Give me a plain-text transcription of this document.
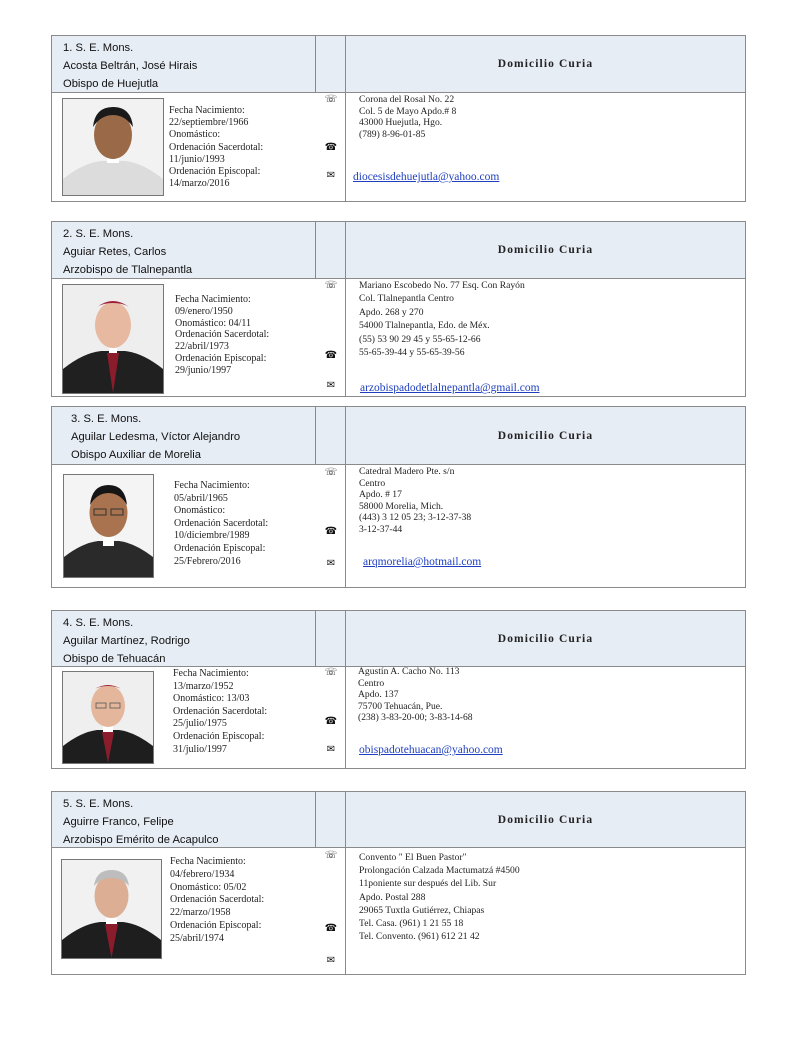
1. S. E. Mons.
Acosta Beltrán, José Hirais
Obispo de Huejutla
Domicilio Curia
Fecha Nacimiento:
22/septiembre/1966
Onomástico:
Ordenación Sacerdotal:
11/junio/1993
Ordenación Episcopal:
14/marzo/2016
☏
☎
✉
Corona del Rosal No. 22
Col. 5 de Mayo Apdo.# 8
43000 Huejutla, Hgo.
(789) 8-96-01-85
diocesisdehuejutla@yahoo.com
2. S. E. Mons.
Aguiar Retes, Carlos
Arzobispo de Tlalnepantla
Domicilio Curia
Fecha Nacimiento:
09/enero/1950
Onomástico: 04/11
Ordenación Sacerdotal:
22/abril/1973
Ordenación Episcopal:
29/junio/1997
☏
☎
✉
Mariano Escobedo No. 77 Esq. Con Rayón
Col. Tlalnepantla Centro
Apdo. 268 y 270
54000 Tlalnepantla, Edo. de Méx.
(55) 53 90 29 45 y 55-65-12-66
55-65-39-44 y 55-65-39-56
arzobispadodetlalnepantla@gmail.com
3. S. E. Mons.
Aguilar Ledesma, Víctor Alejandro
Obispo Auxiliar de Morelia
Domicilio Curia
Fecha Nacimiento:
05/abril/1965
Onomástico:
Ordenación Sacerdotal:
10/diciembre/1989
Ordenación Episcopal:
25/Febrero/2016
☏
☎
✉
Catedral Madero Pte. s/n
Centro
Apdo. # 17
58000 Morelia, Mich.
(443) 3 12 05 23; 3-12-37-38
3-12-37-44
arqmorelia@hotmail.com
4. S. E. Mons.
Aguilar Martínez, Rodrigo
Obispo de Tehuacán
Domicilio Curia
Fecha Nacimiento:
13/marzo/1952
Onomástico: 13/03
Ordenación Sacerdotal:
25/julio/1975
Ordenación Episcopal:
31/julio/1997
☏
☎
✉
Agustín A. Cacho No. 113
Centro
Apdo. 137
75700 Tehuacán, Pue.
(238) 3-83-20-00; 3-83-14-68
obispadotehuacan@yahoo.com
5. S. E. Mons.
Aguirre Franco, Felipe
Arzobispo Emérito de Acapulco
Domicilio Curia
Fecha Nacimiento:
04/febrero/1934
Onomástico: 05/02
Ordenación Sacerdotal:
22/marzo/1958
Ordenación Episcopal:
25/abril/1974
☏
☎
✉
Convento " El Buen Pastor"
Prolongación Calzada Mactumatzá #4500
11poniente sur después del Lib. Sur
Apdo. Postal 288
29065 Tuxtla Gutiérrez, Chiapas
Tel. Casa. (961) 1 21 55 18
Tel. Convento. (961) 612 21 42
